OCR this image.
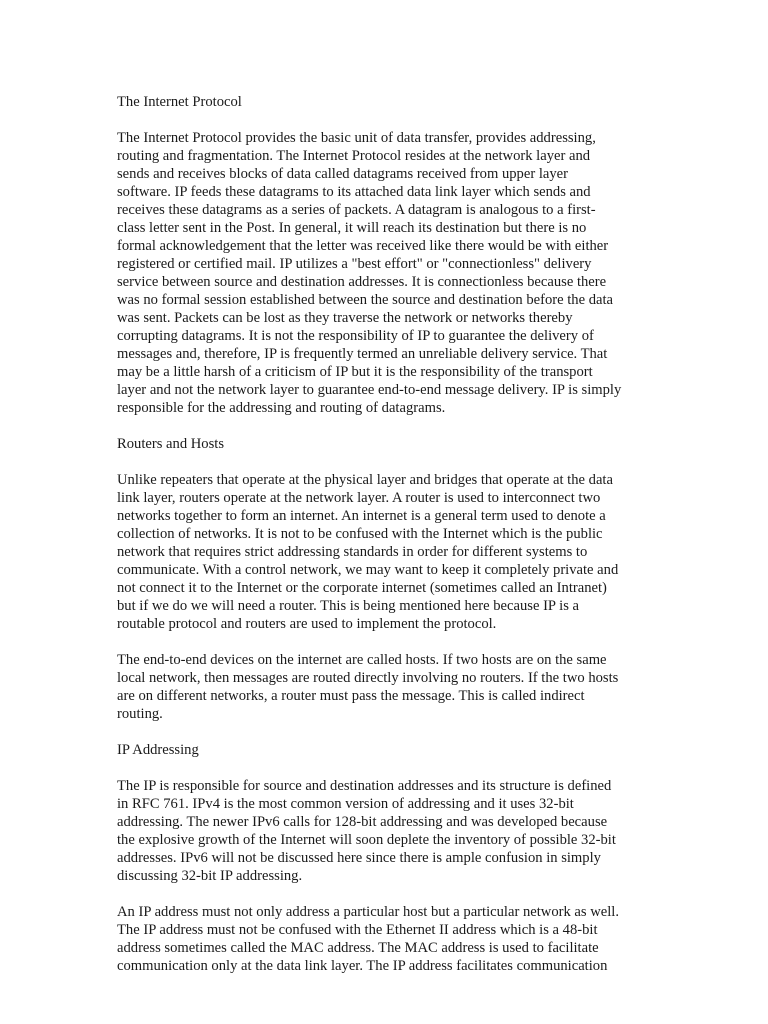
The Internet Protocol

The Internet Protocol provides the basic unit of data transfer, provides addressing,
routing and fragmentation. The Internet Protocol resides at the network layer and
sends and receives blocks of data called datagrams received from upper layer
software. IP feeds these datagrams to its attached data link layer which sends and
receives these datagrams as a series of packets. A datagram is analogous to a first-
class letter sent in the Post. In general, it will reach its destination but there is no
formal acknowledgement that the letter was received like there would be with either
registered or certified mail. IP utilizes a "best effort" or "connectionless" delivery
service between source and destination addresses. It is connectionless because there
was no formal session established between the source and destination before the data
was sent. Packets can be lost as they traverse the network or networks thereby
corrupting datagrams. It is not the responsibility of IP to guarantee the delivery of
messages and, therefore, IP is frequently termed an unreliable delivery service. That
may be a little harsh of a criticism of IP but it is the responsibility of the transport
layer and not the network layer to guarantee end-to-end message delivery. IP is simply
responsible for the addressing and routing of datagrams.

Routers and Hosts

Unlike repeaters that operate at the physical layer and bridges that operate at the data
link layer, routers operate at the network layer. A router is used to interconnect two
networks together to form an internet. An internet is a general term used to denote a
collection of networks. It is not to be confused with the Internet which is the public
network that requires strict addressing standards in order for different systems to
communicate. With a control network, we may want to keep it completely private and
not connect it to the Internet or the corporate internet (sometimes called an Intranet)
but if we do we will need a router. This is being mentioned here because IP is a
routable protocol and routers are used to implement the protocol.

The end-to-end devices on the internet are called hosts. If two hosts are on the same
local network, then messages are routed directly involving no routers. If the two hosts
are on different networks, a router must pass the message. This is called indirect
routing.

IP Addressing

The IP is responsible for source and destination addresses and its structure is defined
in RFC 761. IPv4 is the most common version of addressing and it uses 32-bit
addressing. The newer IPv6 calls for 128-bit addressing and was developed because
the explosive growth of the Internet will soon deplete the inventory of possible 32-bit
addresses. IPv6 will not be discussed here since there is ample confusion in simply
discussing 32-bit IP addressing.

An IP address must not only address a particular host but a particular network as well.
The IP address must not be confused with the Ethernet II address which is a 48-bit
address sometimes called the MAC address. The MAC address is used to facilitate
communication only at the data link layer. The IP address facilitates communication
